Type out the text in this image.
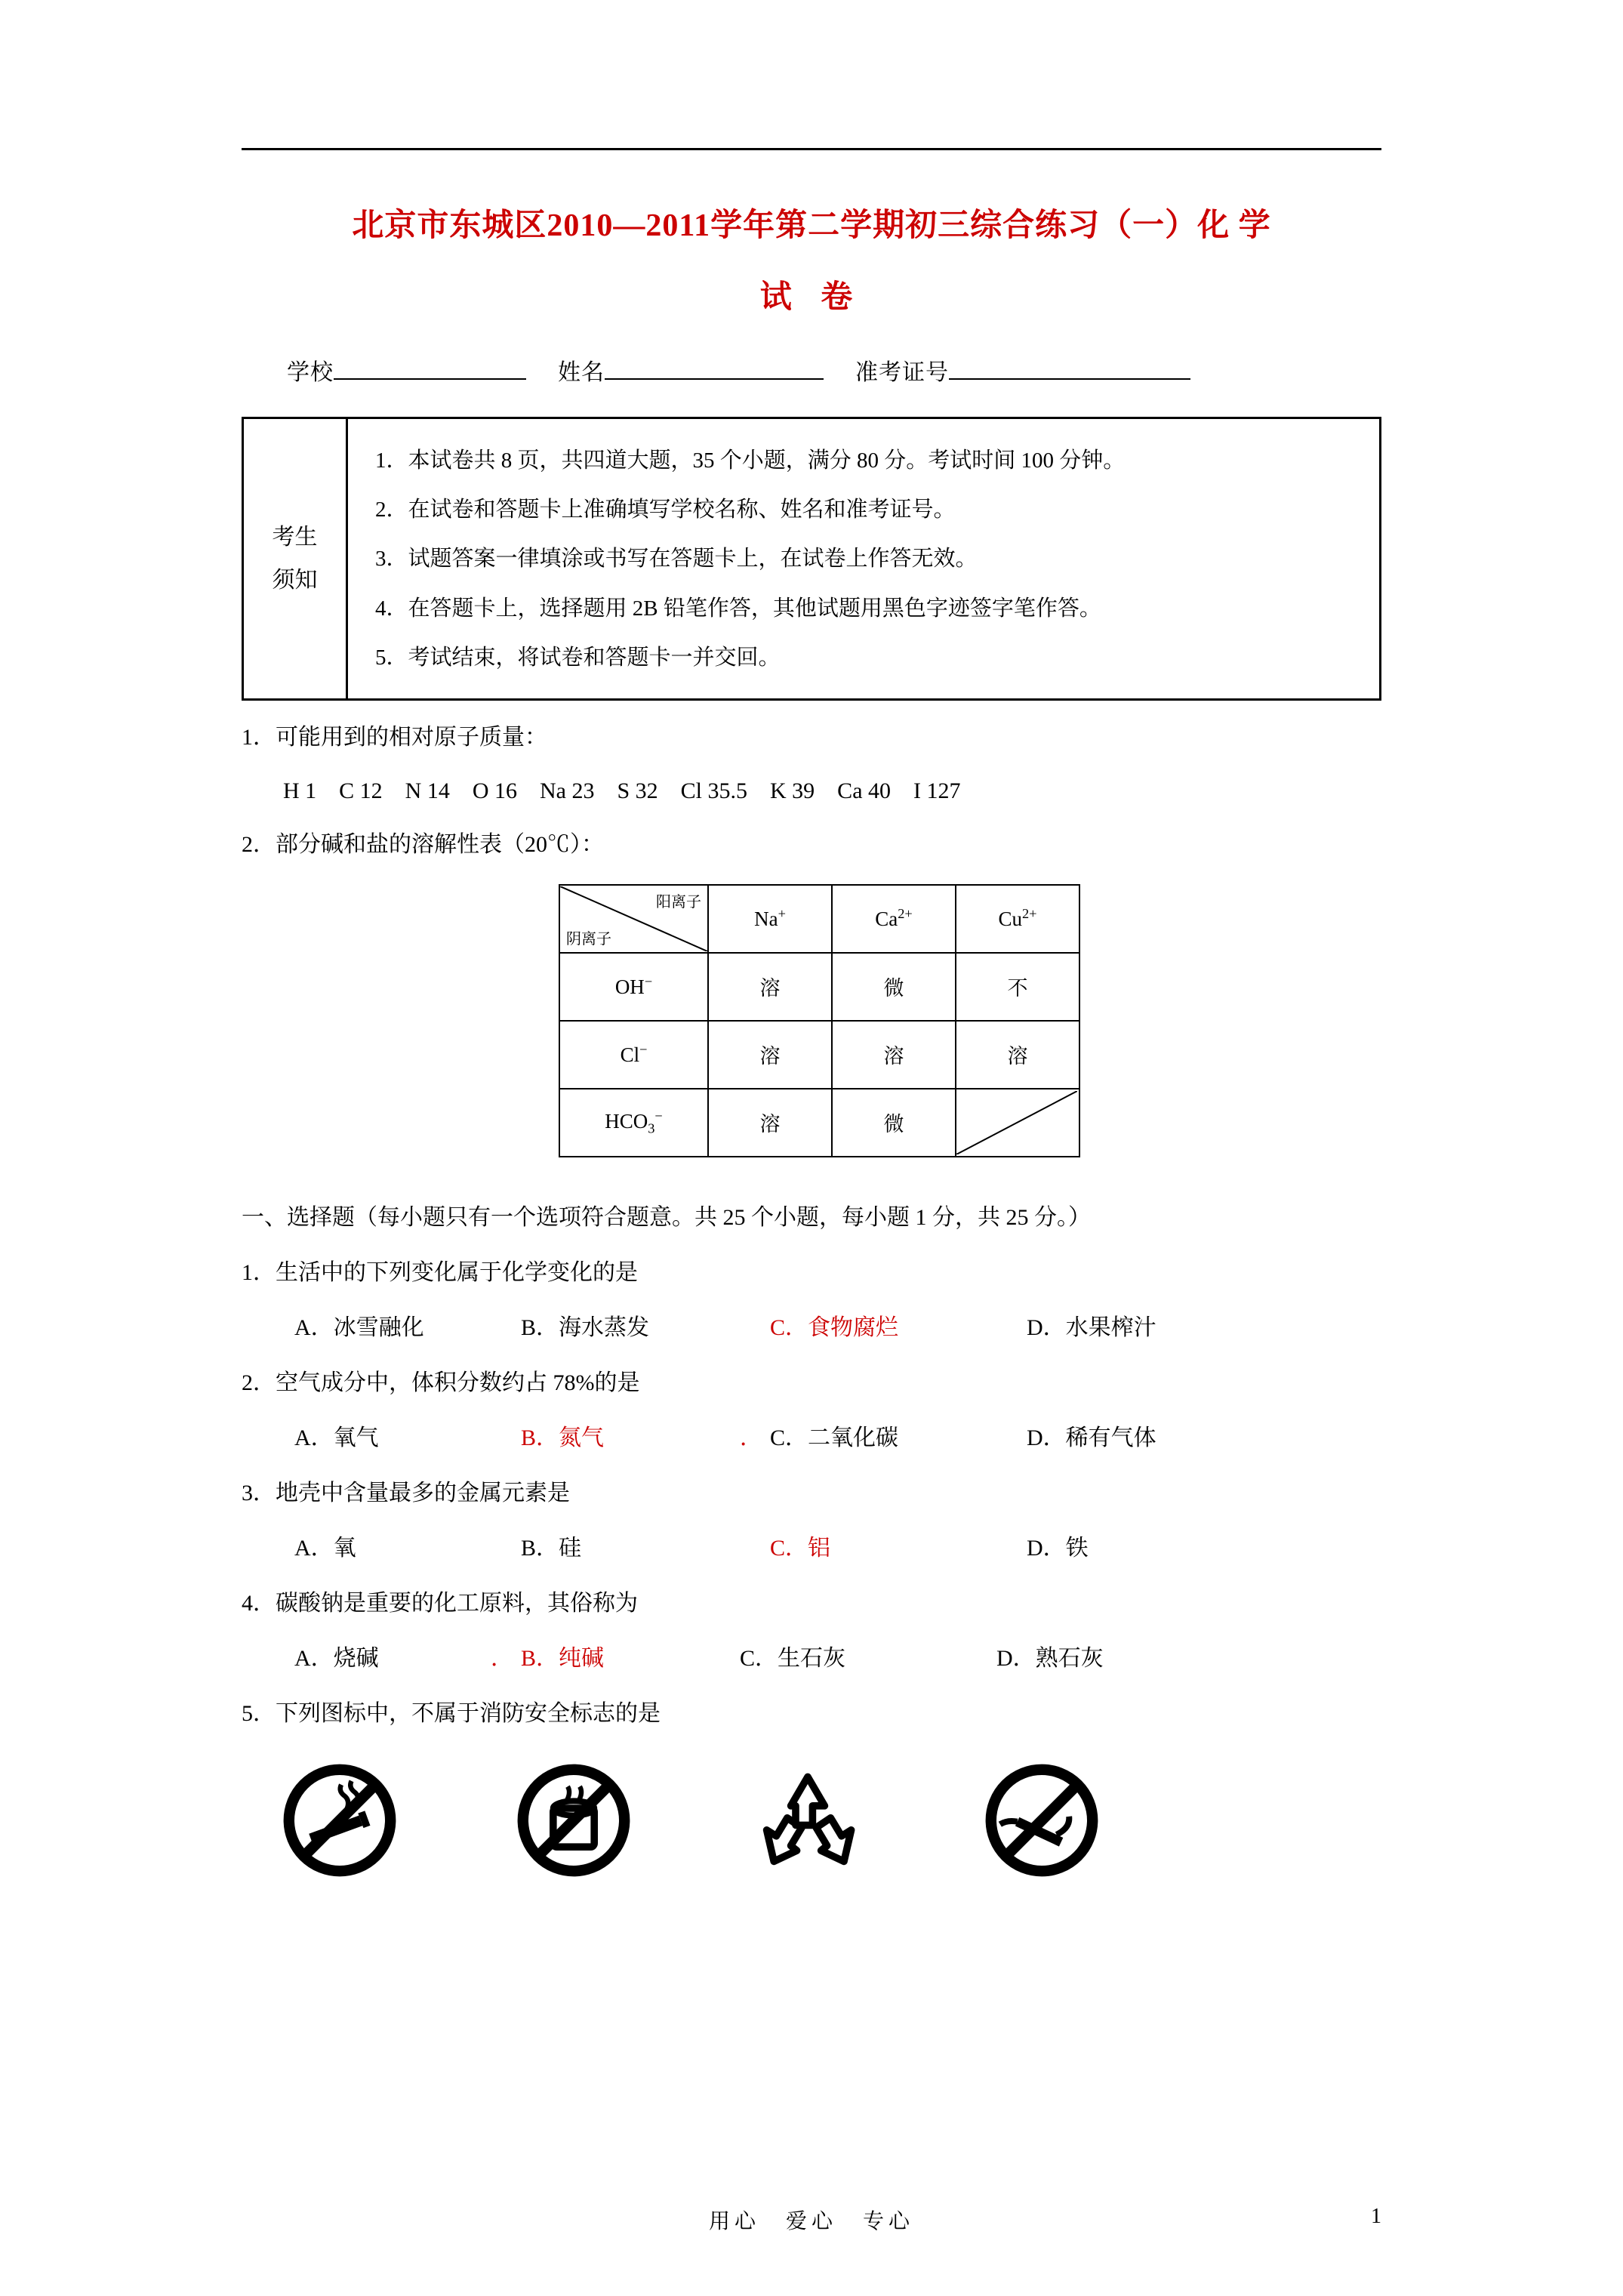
北京市东城区2010—2011学年第二学期初三综合练习（一）化 学
试 卷
学校	姓名	准考证号
考生
须知
1．本试卷共 8 页，共四道大题，35 个小题，满分 80 分。考试时间 100 分钟。
2．在试卷和答题卡上准确填写学校名称、姓名和准考证号。
3．试题答案一律填涂或书写在答题卡上，在试卷上作答无效。
4．在答题卡上，选择题用 2B 铅笔作答，其他试题用黑色字迹签字笔作答。
5．考试结束，将试卷和答题卡一并交回。
1．可能用到的相对原子质量：
H 1　C 12　N 14　O 16　Na 23　S 32　Cl 35.5　K 39　Ca 40　I 127
2．部分碱和盐的溶解性表（20℃）：
阳离子
阴离子	Na+	$Ca^{2+}$	$Cu^{2+}$
OH−	溶	微	不
Cl−	溶	溶	溶
$HCO_3^-$	溶	微	
一、选择题（每小题只有一个选项符合题意。共 25 个小题，每小题 1 分，共 25 分。）
1．生活中的下列变化属于化学变化的是
A．冰雪融化	B．海水蒸发	C．食物腐烂	D．水果榨汁
2．空气成分中，体积分数约占 78%的是
A．氧气	B．氮气	． C．二氧化碳	D．稀有气体
3．地壳中含量最多的金属元素是
A．氧	B．硅	C．铝	D．铁
4．碳酸钠是重要的化工原料，其俗称为
A．烧碱	． B．纯碱	C．生石灰	D．熟石灰
5．下列图标中，不属于消防安全标志的是
用心　爱心　专心	1
